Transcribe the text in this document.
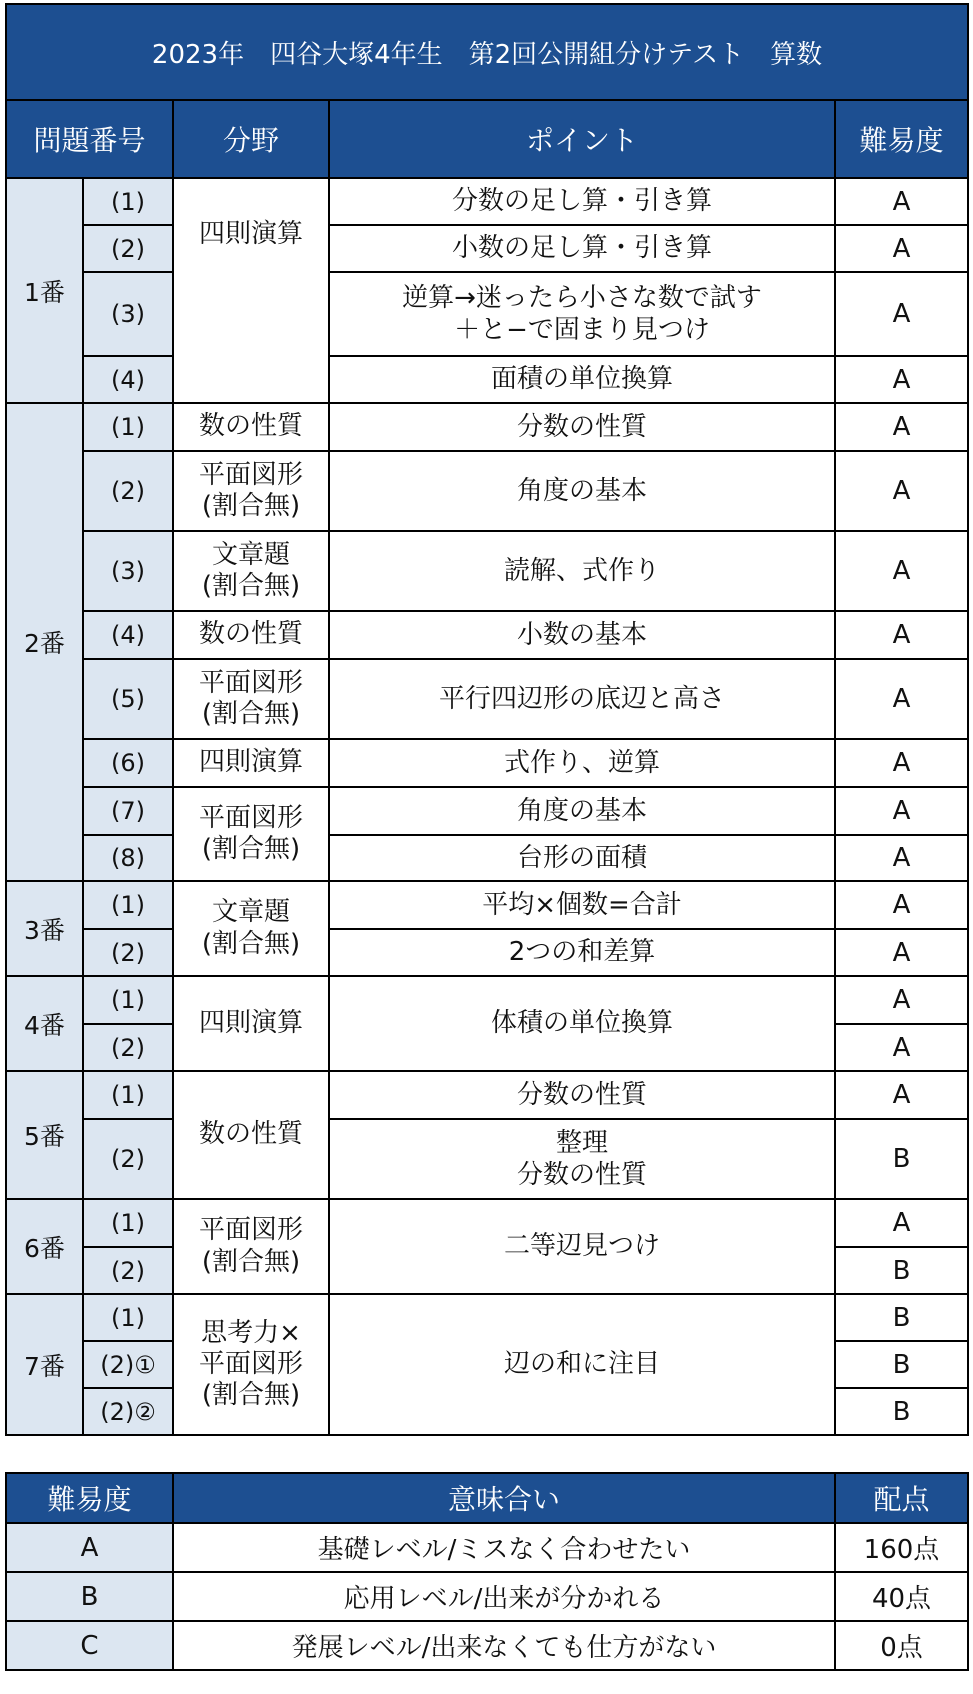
2023年　四谷大塚4年生　第2回公開組分けテスト　算数				
問題番号		分野	ポイント	難易度
1番	(1)	四則演算	分数の足し算・引き算	A
	(2)		小数の足し算・引き算	A
	(3)		逆算→迷ったら小さな数で試す
＋と−で固まり見つけ	A
	(4)		面積の単位換算	A
2番	(1)	数の性質	分数の性質	A
	(2)	平面図形
(割合無)	角度の基本	A
	(3)	文章題
(割合無)	読解、式作り	A
	(4)	数の性質	小数の基本	A
	(5)	平面図形
(割合無)	平行四辺形の底辺と高さ	A
	(6)	四則演算	式作り、逆算	A
	(7)	平面図形
(割合無)	角度の基本	A
	(8)		台形の面積	A
3番	(1)	文章題
(割合無)	平均×個数=合計	A
	(2)		2つの和差算	A
4番	(1)	四則演算	体積の単位換算	A
	(2)			A
5番	(1)	数の性質	分数の性質	A
	(2)		整理
分数の性質	B
6番	(1)	平面図形
(割合無)	二等辺見つけ	A
	(2)			B
7番	(1)	思考力×
平面図形
(割合無)	辺の和に注目	B
	(2)①			B
	(2)②			B
難易度	意味合い	配点
A	基礎レベル/ミスなく合わせたい	160点
B	応用レベル/出来が分かれる	40点
C	発展レベル/出来なくても仕方がない	0点
